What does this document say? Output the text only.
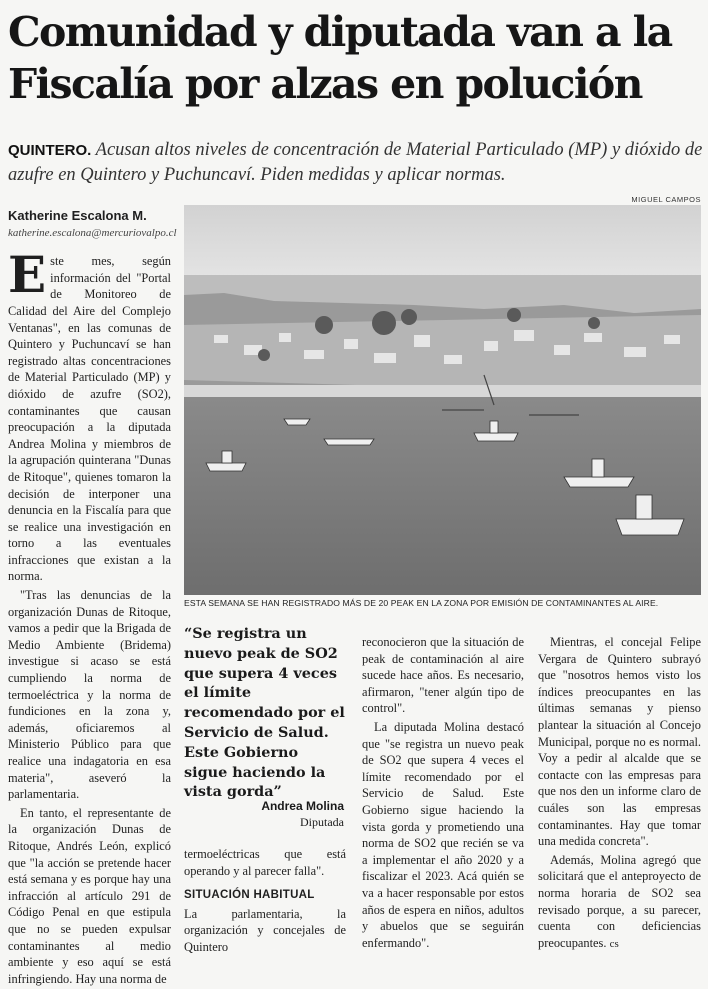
Comunidad y diputada van a la Fiscalía por alzas en polución
QUINTERO. Acusan altos niveles de concentración de Material Particulado (MP) y dióxido de azufre en Quintero y Puchuncaví. Piden medidas y aplicar normas.
MIGUEL CAMPOS
ESTA SEMANA SE HAN REGISTRADO MÁS DE 20 PEAK EN LA ZONA POR EMISIÓN DE CONTAMINANTES AL AIRE.
Katherine Escalona M.
katherine.escalona@mercuriovalpo.cl

Este mes, según información del "Portal de Monitoreo de Calidad del Aire del Complejo Ventanas", en las comunas de Quintero y Puchuncaví se han registrado altas concentraciones de Material Particulado (MP) y dióxido de azufre (SO2), contaminantes que causan preocupación a la diputada Andrea Molina y miembros de la agrupación quinterana "Dunas de Ritoque", quienes tomaron la decisión de interponer una denuncia en la Fiscalía para que se realice una investigación en torno a las eventuales infracciones que existan a la norma.

"Tras las denuncias de la organización Dunas de Ritoque, vamos a pedir que la Brigada de Medio Ambiente (Bridema) investigue si acaso se está cumpliendo la norma de termoeléctrica y la norma de fundiciones en la zona y, además, oficiaremos al Ministerio Público para que realice una indagatoria en esa materia", aseveró la parlamentaria.

En tanto, el representante de la organización Dunas de Ritoque, Andrés León, explicó que "la acción se pretende hacer está semana y es porque hay una infracción al artículo 291 de Código Penal en que estipula que no se pueden expulsar contaminantes al medio ambiente y eso aquí se está infringiendo. Hay una norma de

“Se registra un nuevo peak de SO2 que supera 4 veces el límite recomendado por el Servicio de Salud. Este Gobierno sigue haciendo la vista gorda”
Andrea Molina
Diputada

termoeléctricas que está operando y al parecer falla".

SITUACIÓN HABITUAL

La parlamentaria, la organización y concejales de Quintero

reconocieron que la situación de peak de contaminación al aire sucede hace años. Es necesario, afirmaron, "tener algún tipo de control".

La diputada Molina destacó que "se registra un nuevo peak de SO2 que supera 4 veces el límite recomendado por el Servicio de Salud. Este Gobierno sigue haciendo la vista gorda y prometiendo una norma de SO2 que recién se va a implementar el año 2020 y a fiscalizar el 2023. Acá quién se va a hacer responsable por estos años de espera en niños, adultos y abuelos que se seguirán enfermando".

Mientras, el concejal Felipe Vergara de Quintero subrayó que "nosotros hemos visto los índices preocupantes en las últimas semanas y pienso plantear la situación al Concejo Municipal, porque no es normal. Voy a pedir al alcalde que se contacte con las empresas para que nos den un informe claro de cuáles son las empresas contaminantes. Hay que tomar una medida concreta".

Además, Molina agregó que solicitará que el anteproyecto de norma horaria de SO2 sea revisado porque, a su parecer, cuenta con deficiencias preocupantes. cs
